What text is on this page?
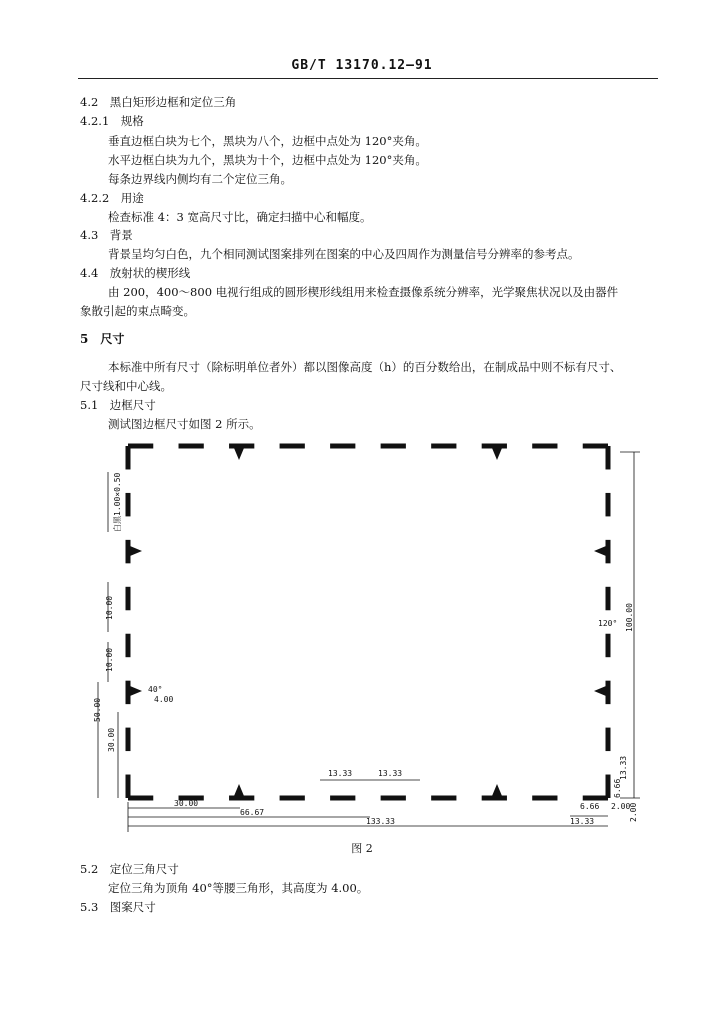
GB/T 13170.12—91
4.2　黑白矩形边框和定位三角
4.2.1　规格
垂直边框白块为七个，黑块为八个，边框中点处为 120°夹角。
水平边框白块为九个，黑块为十个，边框中点处为 120°夹角。
每条边界线内侧均有二个定位三角。
4.2.2　用途
检查标准 4：3 宽高尺寸比，确定扫描中心和幅度。
4.3　背景
背景呈均匀白色，九个相同测试图案排列在图案的中心及四周作为测量信号分辨率的参考点。
4.4　放射状的楔形线
由 200，400～800 电视行组成的圆形楔形线组用来检查摄像系统分辨率，光学聚焦状况以及由器件
象散引起的束点畸变。
5　尺寸
本标准中所有尺寸（除标明单位者外）都以图像高度（h）的百分数给出，在制成品中则不标有尺寸、
尺寸线和中心线。
5.1　边框尺寸
测试图边框尺寸如图 2 所示。
白黑1.00×0.50
10.00
10.00
50.00
30.00
40°
4.00
100.00
120°
13.33
6.66
13.33	13.33
30.00
66.67
133.33
6.66 2.00
2.00
13.33
图 2
5.2　定位三角尺寸
定位三角为顶角 40°等腰三角形，其高度为 4.00。
5.3　图案尺寸
